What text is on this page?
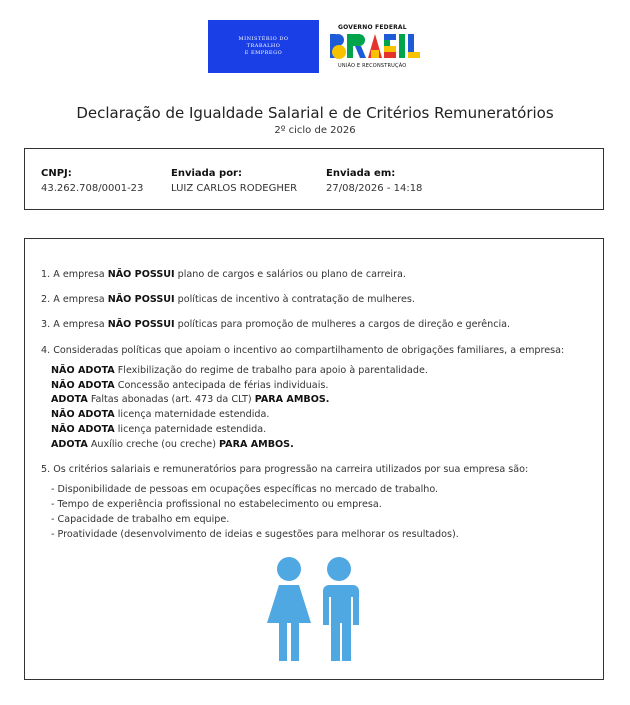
MINISTÉRIO DO
TRABALHO
E EMPREGO
GOVERNO FEDERAL
UNIÃO E RECONSTRUÇÃO
Declaração de Igualdade Salarial e de Critérios Remuneratórios
2º ciclo de 2026
CNPJ:
43.262.708/0001-23
Enviada por:
LUIZ CARLOS RODEGHER
Enviada em:
27/08/2026 - 14:18
1. A empresa NÃO POSSUI plano de cargos e salários ou plano de carreira.
2. A empresa NÃO POSSUI políticas de incentivo à contratação de mulheres.
3. A empresa NÃO POSSUI políticas para promoção de mulheres a cargos de direção e gerência.
4. Consideradas políticas que apoiam o incentivo ao compartilhamento de obrigações familiares, a empresa:
NÃO ADOTA Flexibilização do regime de trabalho para apoio à parentalidade.
NÃO ADOTA Concessão antecipada de férias individuais.
ADOTA Faltas abonadas (art. 473 da CLT) PARA AMBOS.
NÃO ADOTA licença maternidade estendida.
NÃO ADOTA licença paternidade estendida.
ADOTA Auxílio creche (ou creche) PARA AMBOS.
5. Os critérios salariais e remuneratórios para progressão na carreira utilizados por sua empresa são:
- Disponibilidade de pessoas em ocupações específicas no mercado de trabalho.
- Tempo de experiência profissional no estabelecimento ou empresa.
- Capacidade de trabalho em equipe.
- Proatividade (desenvolvimento de ideias e sugestões para melhorar os resultados).
